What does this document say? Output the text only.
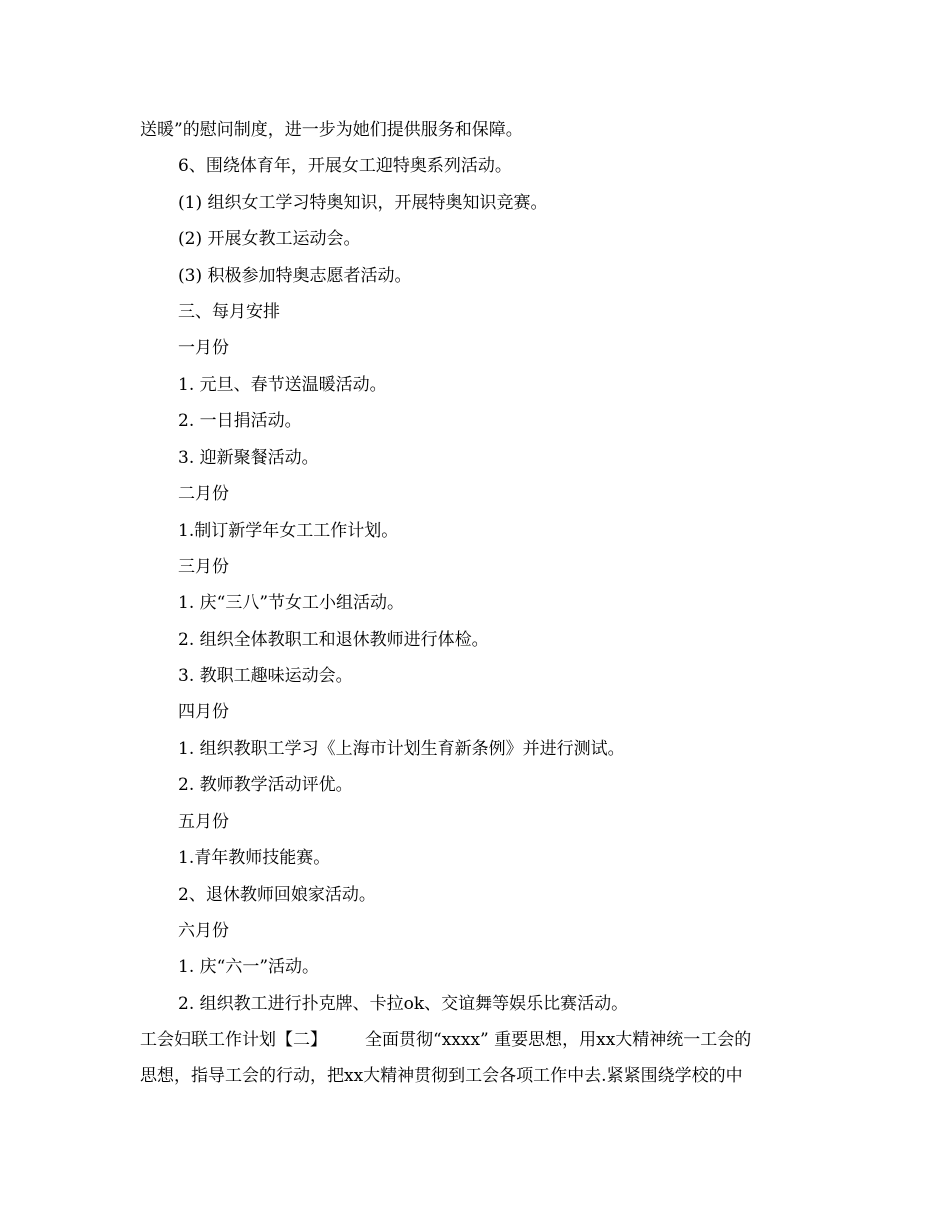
送暖”的慰问制度，进一步为她们提供服务和保障。
6、围绕体育年，开展女工迎特奥系列活动。
(1) 组织女工学习特奥知识，开展特奥知识竞赛。
(2) 开展女教工运动会。
(3) 积极参加特奥志愿者活动。
三、每月安排
一月份
1. 元旦、春节送温暖活动。
2. 一日捐活动。
3. 迎新聚餐活动。
二月份
1.制订新学年女工工作计划。
三月份
1. 庆“三八”节女工小组活动。
2. 组织全体教职工和退休教师进行体检。
3. 教职工趣味运动会。
四月份
1. 组织教职工学习《上海市计划生育新条例》并进行测试。
2. 教师教学活动评优。
五月份
1.青年教师技能赛。
2、退休教师回娘家活动。
六月份
1. 庆“六一”活动。
2. 组织教工进行扑克牌、卡拉ok、交谊舞等娱乐比赛活动。
工会妇联工作计划【二】 全面贯彻“xxxx” 重要思想，用xx大精神统一工会的
思想，指导工会的行动，把xx大精神贯彻到工会各项工作中去.紧紧围绕学校的中
